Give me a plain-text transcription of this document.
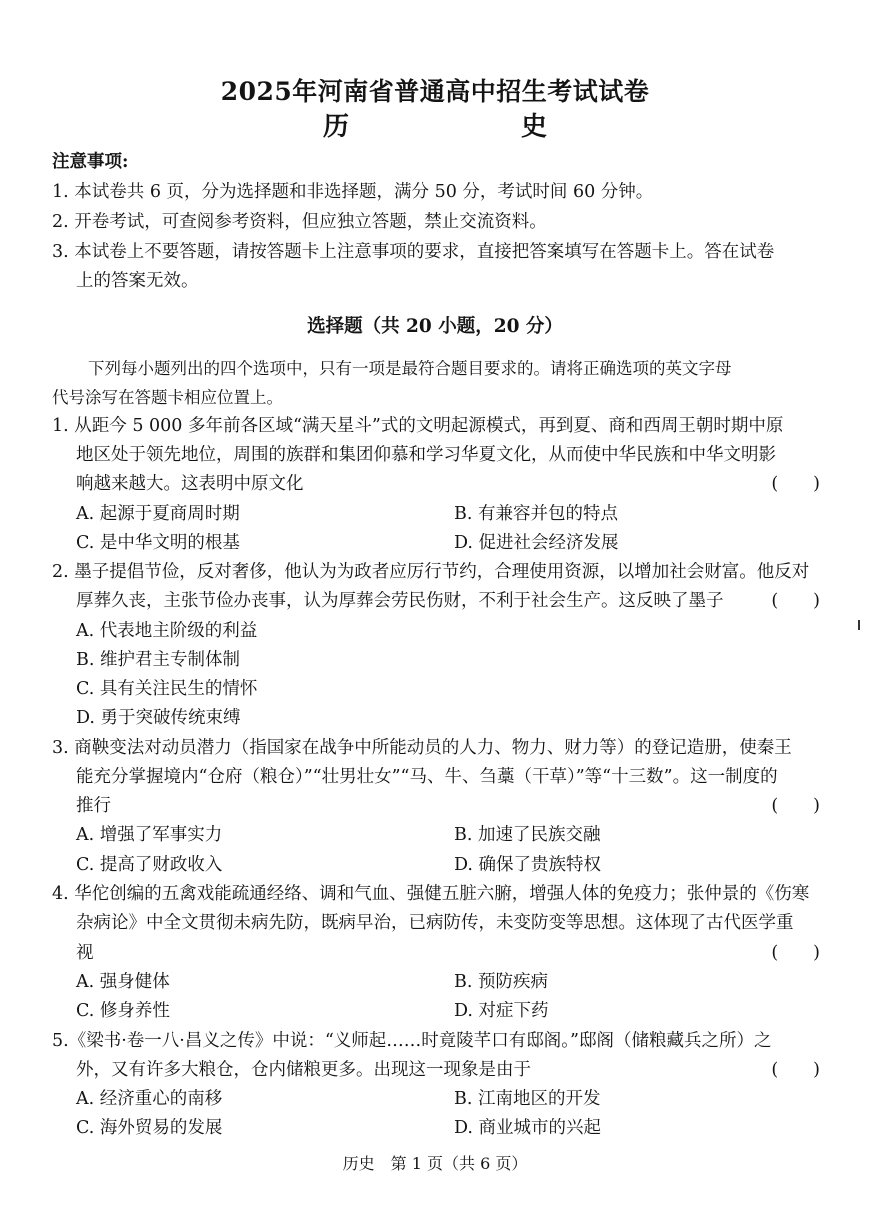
2025年河南省普通高中招生考试试卷
历　　史
注意事项:
1. 本试卷共 6 页，分为选择题和非选择题，满分 50 分，考试时间 60 分钟。
2. 开卷考试，可查阅参考资料，但应独立答题，禁止交流资料。
3. 本试卷上不要答题，请按答题卡上注意事项的要求，直接把答案填写在答题卡上。答在试卷
上的答案无效。
选择题（共 20 小题，20 分）
下列每小题列出的四个选项中，只有一项是最符合题目要求的。请将正确选项的英文字母
代号涂写在答题卡相应位置上。
1. 从距今 5 000 多年前各区域“满天星斗”式的文明起源模式，再到夏、商和西周王朝时期中原
地区处于领先地位，周围的族群和集团仰慕和学习华夏文化，从而使中华民族和中华文明影
响越来越大。这表明中原文化	(　　)
A. 起源于夏商周时期	B. 有兼容并包的特点
C. 是中华文明的根基	D. 促进社会经济发展
2. 墨子提倡节俭，反对奢侈，他认为为政者应厉行节约，合理使用资源，以增加社会财富。他反对
厚葬久丧，主张节俭办丧事，认为厚葬会劳民伤财，不利于社会生产。这反映了墨子	(　　)
A. 代表地主阶级的利益
B. 维护君主专制体制
C. 具有关注民生的情怀
D. 勇于突破传统束缚
3. 商鞅变法对动员潜力（指国家在战争中所能动员的人力、物力、财力等）的登记造册，使秦王
能充分掌握境内“仓府（粮仓）”“壮男壮女”“马、牛、刍藁（干草）”等“十三数”。这一制度的
推行	(　　)
A. 增强了军事实力	B. 加速了民族交融
C. 提高了财政收入	D. 确保了贵族特权
4. 华佗创编的五禽戏能疏通经络、调和气血、强健五脏六腑，增强人体的免疫力；张仲景的《伤寒
杂病论》中全文贯彻未病先防，既病早治，已病防传，未变防变等思想。这体现了古代医学重
视	(　　)
A. 强身健体	B. 预防疾病
C. 修身养性	D. 对症下药
5.《梁书·卷一八·昌义之传》中说：“义师起……时竟陵芊口有邸阁。”邸阁（储粮藏兵之所）之
外，又有许多大粮仓，仓内储粮更多。出现这一现象是由于	(　　)
A. 经济重心的南移	B. 江南地区的开发
C. 海外贸易的发展	D. 商业城市的兴起
历史　第 1 页（共 6 页）
